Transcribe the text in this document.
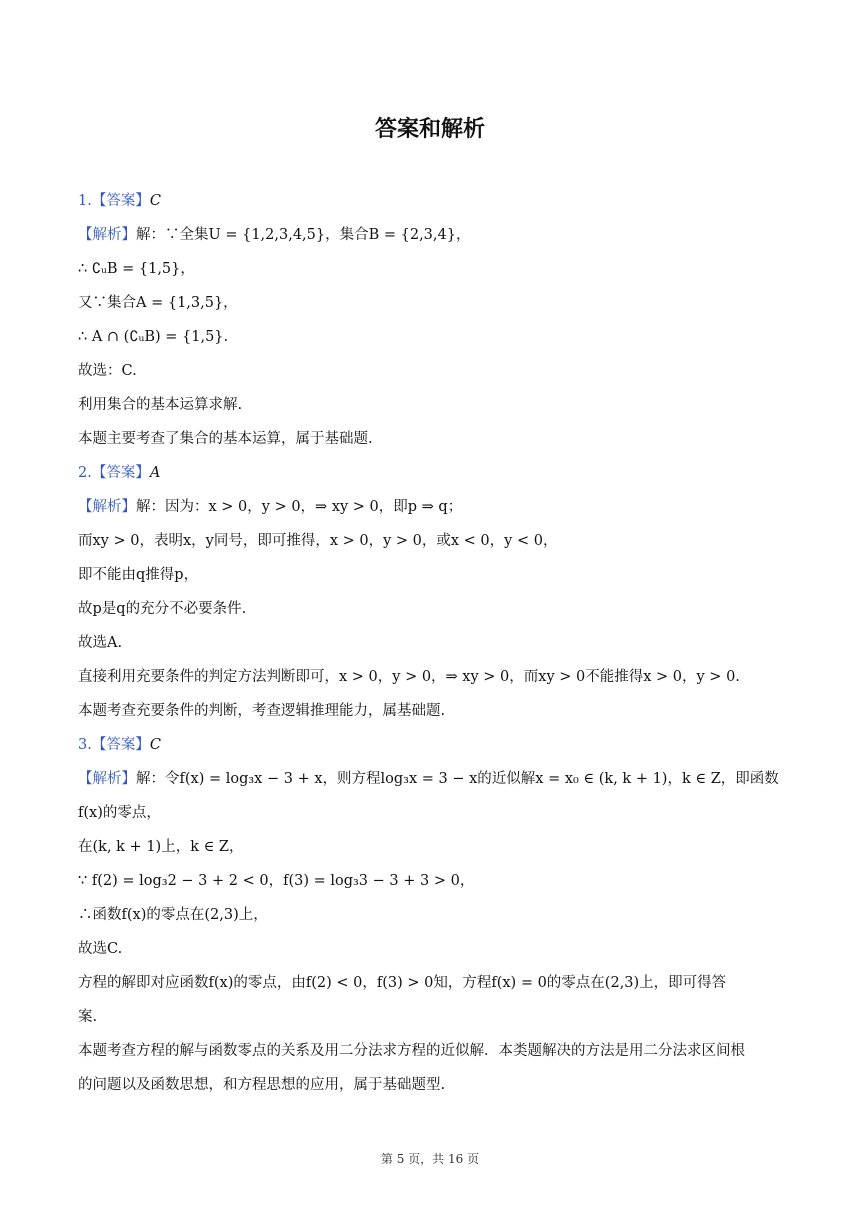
答案和解析
1.【答案】C
【解析】解：∵全集U = {1,2,3,4,5}，集合B = {2,3,4}，
∴ ∁ᵤB = {1,5}，
又∵集合A = {1,3,5}，
∴ A ∩ (∁ᵤB) = {1,5}.
故选：C.
利用集合的基本运算求解.
本题主要考查了集合的基本运算，属于基础题.
2.【答案】A
【解析】解：因为：x > 0，y > 0，⇒ xy > 0，即p ⇒ q；
而xy > 0，表明x，y同号，即可推得，x > 0，y > 0，或x < 0，y < 0，
即不能由q推得p，
故p是q的充分不必要条件.
故选A.
直接利用充要条件的判定方法判断即可，x > 0，y > 0，⇒ xy > 0，而xy > 0不能推得x > 0，y > 0.
本题考查充要条件的判断，考查逻辑推理能力，属基础题.
3.【答案】C
【解析】解：令f(x) = log₃x − 3 + x，则方程log₃x = 3 − x的近似解x = x₀ ∈ (k, k + 1)，k ∈ Z，即函数
f(x)的零点，
在(k, k + 1)上，k ∈ Z，
∵ f(2) = log₃2 − 3 + 2 < 0，f(3) = log₃3 − 3 + 3 > 0，
∴函数f(x)的零点在(2,3)上，
故选C.
方程的解即对应函数f(x)的零点，由f(2) < 0，f(3) > 0知，方程f(x) = 0的零点在(2,3)上，即可得答
案.
本题考查方程的解与函数零点的关系及用二分法求方程的近似解．本类题解决的方法是用二分法求区间根
的问题以及函数思想，和方程思想的应用，属于基础题型.
第 5 页，共 16 页
